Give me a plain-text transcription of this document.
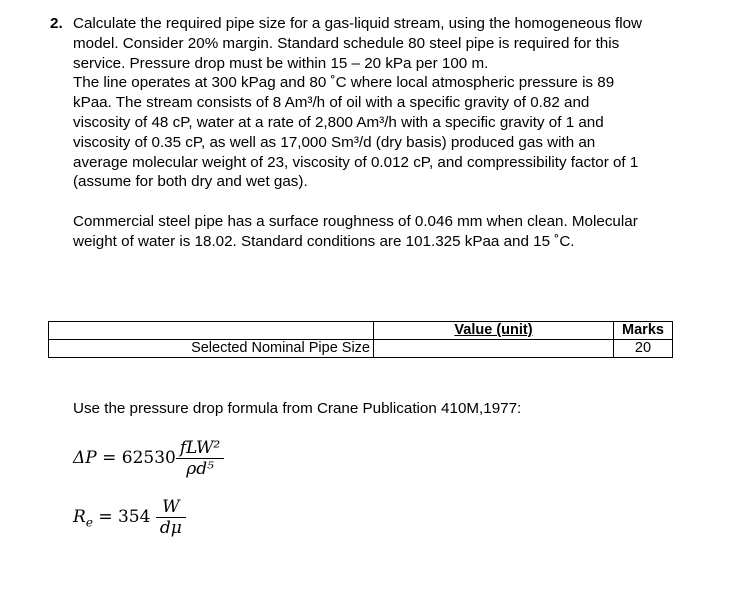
2. Calculate the required pipe size for a gas-liquid stream, using the homogeneous flow
model. Consider 20% margin. Standard schedule 80 steel pipe is required for this
service. Pressure drop must be within 15 – 20 kPa per 100 m.
The line operates at 300 kPag and 80 ˚C where local atmospheric pressure is 89
kPaa. The stream consists of 8 Am³/h of oil with a specific gravity of 0.82 and
viscosity of 48 cP, water at a rate of 2,800 Am³/h with a specific gravity of 1 and
viscosity of 0.35 cP, as well as 17,000 Sm³/d (dry basis) produced gas with an
average molecular weight of 23, viscosity of 0.012 cP, and compressibility factor of 1
(assume for both dry and wet gas).
Commercial steel pipe has a surface roughness of 0.046 mm when clean. Molecular
weight of water is 18.02. Standard conditions are 101.325 kPaa and 15 ˚C.
	Value (unit)	Marks
Selected Nominal Pipe Size		20
Use the pressure drop formula from Crane Publication 410M,1977:
$\Delta P = 62530 \frac{\text{fLW²}}{\text{ρd⁵}}$
$R_e = 354 \frac{W}{d\mu}$
